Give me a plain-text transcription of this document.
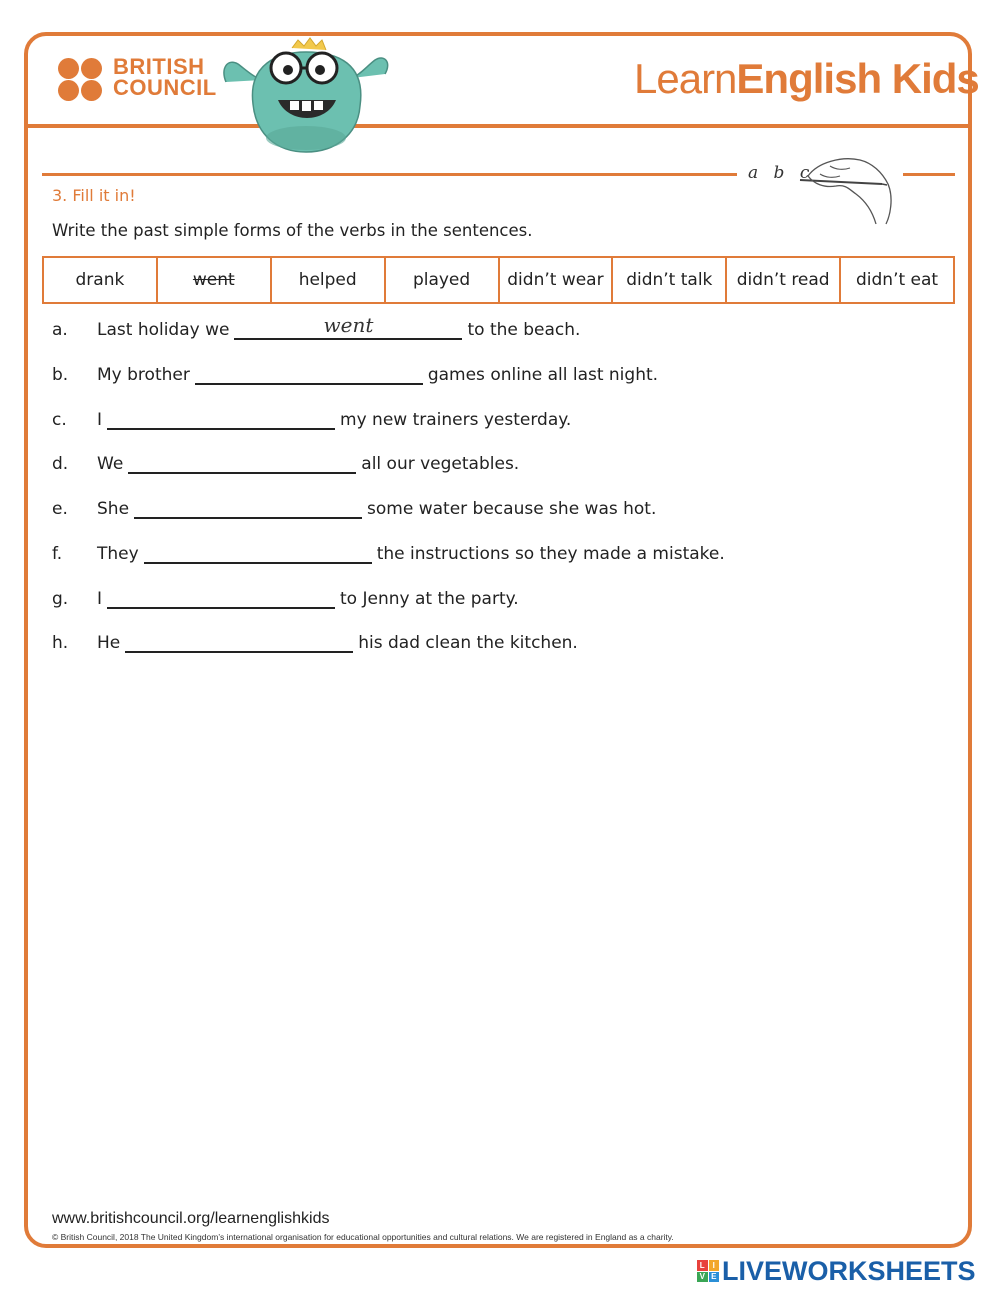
BRITISH
COUNCIL	LearnEnglish Kids
a b c
3. Fill it in!
Write the past simple forms of the verbs in the sentences.
drank	went	helped	played	didn’t wear	didn’t talk	didn’t read	didn’t eat
a.	Last holiday we	went	to the beach.
b.	My brother	games online all last night.
c.	I	my new trainers yesterday.
d.	We	all our vegetables.
e.	She	some water because she was hot.
f.	They	the instructions so they made a mistake.
g.	I	to Jenny at the party.
h.	He	his dad clean the kitchen.
www.britishcouncil.org/learnenglishkids
© British Council, 2018 The United Kingdom’s international organisation for educational opportunities and cultural relations. We are registered in England as a charity.
L I
V E LIVEWORKSHEETS
